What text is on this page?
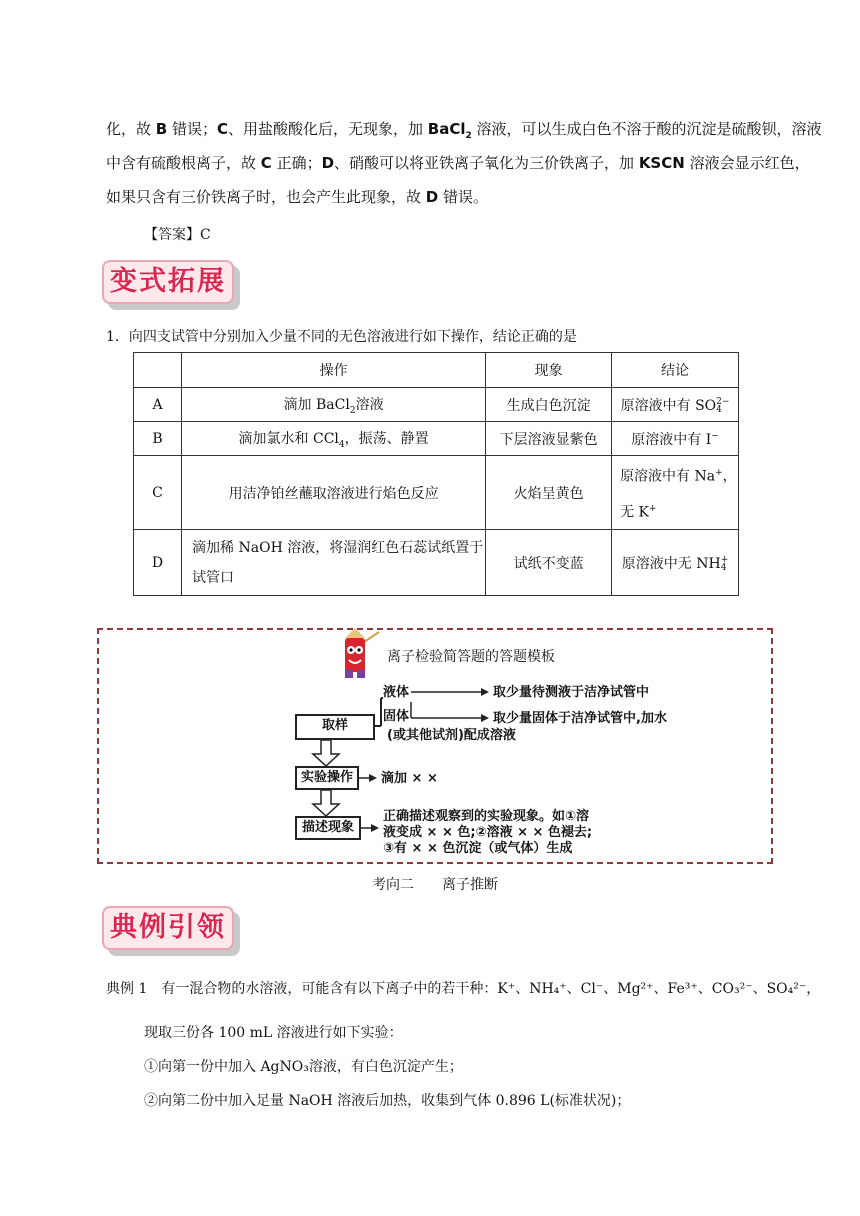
化，故 B 错误；C、用盐酸酸化后，无现象，加 BaCl$_2$ 溶液，可以生成白色不溶于酸的沉淀是硫酸钡，溶液
中含有硫酸根离子，故 C 正确；D、硝酸可以将亚铁离子氧化为三价铁离子，加 KSCN 溶液会显示红色，
如果只含有三价铁离子时，也会产生此现象，故 D 错误。
【答案】C
变式拓展
1．向四支试管中分别加入少量不同的无色溶液进行如下操作，结论正确的是
	操作	现象	结论
A	滴加 BaCl$_2$溶液	生成白色沉淀	原溶液中有 SO2−
4
B	滴加氯水和 CCl$_4$，振荡、静置	下层溶液显紫色	原溶液中有 I−
C	用洁净铂丝蘸取溶液进行焰色反应	火焰呈黄色	原溶液中有 Na+，无 K+
D	滴加稀 NaOH 溶液，将湿润红色石蕊试纸置于试管口	试纸不变蓝	原溶液中无 NH+
4
离子检验简答题的答题模板
取样
实验操作
描述现象
液体
固体
取少量待测液于洁净试管中
取少量固体于洁净试管中,加水
(或其他试剂)配成溶液
滴加 × ×
正确描述观察到的实验现象。如①溶
液变成 × × 色;②溶液 × × 色褪去;
③有 × × 色沉淀（或气体）生成
考向二　　离子推断
典例引领
典例 1　 有一混合物的水溶液，可能含有以下离子中的若干种：K⁺、NH₄⁺、Cl⁻、Mg²⁺、Fe³⁺、CO₃²⁻、SO₄²⁻，
现取三份各 100 mL 溶液进行如下实验：
①向第一份中加入 AgNO₃溶液，有白色沉淀产生；
②向第二份中加入足量 NaOH 溶液后加热，收集到气体 0.896 L(标准状况)；
